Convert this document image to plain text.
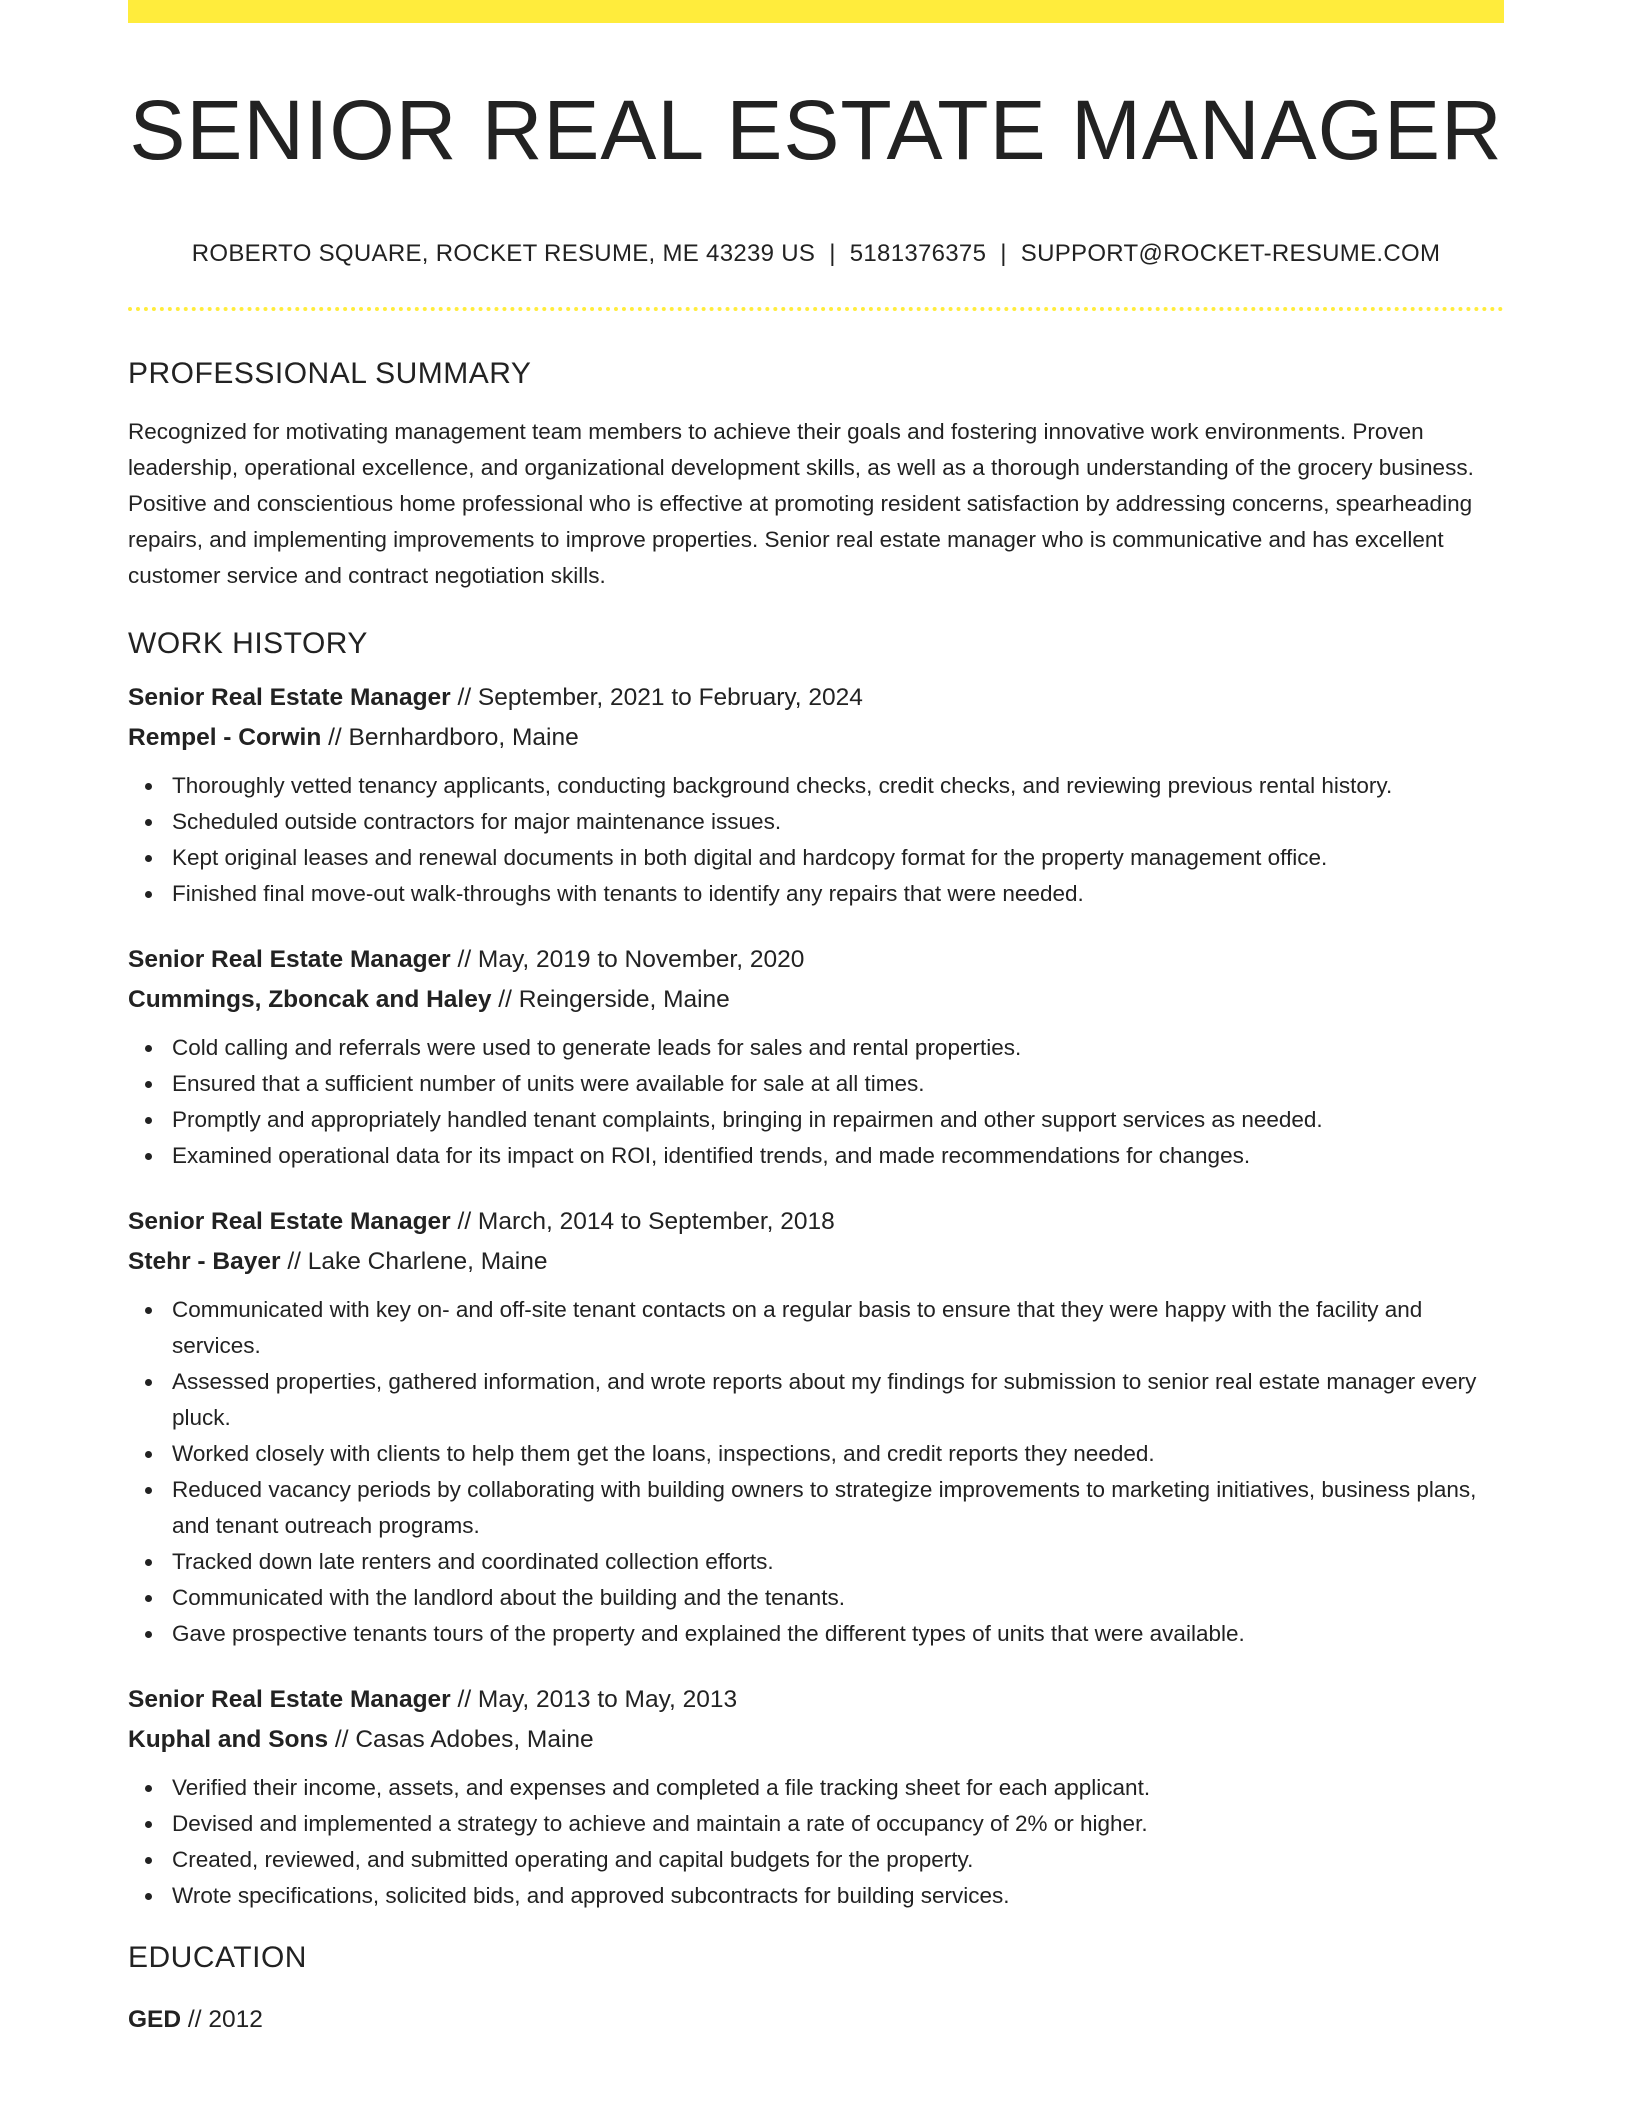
SENIOR REAL ESTATE MANAGER
ROBERTO SQUARE, ROCKET RESUME, ME 43239 US | 5181376375 | SUPPORT@ROCKET-RESUME.COM
PROFESSIONAL SUMMARY

Recognized for motivating management team members to achieve their goals and fostering innovative work environments. Proven leadership, operational excellence, and organizational development skills, as well as a thorough understanding of the grocery business. Positive and conscientious home professional who is effective at promoting resident satisfaction by addressing concerns, spearheading repairs, and implementing improvements to improve properties. Senior real estate manager who is communicative and has excellent customer service and contract negotiation skills.

WORK HISTORY
Senior Real Estate Manager // September, 2021 to February, 2024
Rempel - Corwin // Bernhardboro, Maine
Thoroughly vetted tenancy applicants, conducting background checks, credit checks, and reviewing previous rental history.
Scheduled outside contractors for major maintenance issues.
Kept original leases and renewal documents in both digital and hardcopy format for the property management office.
Finished final move-out walk-throughs with tenants to identify any repairs that were needed.
Senior Real Estate Manager // May, 2019 to November, 2020
Cummings, Zboncak and Haley // Reingerside, Maine
Cold calling and referrals were used to generate leads for sales and rental properties.
Ensured that a sufficient number of units were available for sale at all times.
Promptly and appropriately handled tenant complaints, bringing in repairmen and other support services as needed.
Examined operational data for its impact on ROI, identified trends, and made recommendations for changes.
Senior Real Estate Manager // March, 2014 to September, 2018
Stehr - Bayer // Lake Charlene, Maine
Communicated with key on- and off-site tenant contacts on a regular basis to ensure that they were happy with the facility and services.
Assessed properties, gathered information, and wrote reports about my findings for submission to senior real estate manager every pluck.
Worked closely with clients to help them get the loans, inspections, and credit reports they needed.
Reduced vacancy periods by collaborating with building owners to strategize improvements to marketing initiatives, business plans, and tenant outreach programs.
Tracked down late renters and coordinated collection efforts.
Communicated with the landlord about the building and the tenants.
Gave prospective tenants tours of the property and explained the different types of units that were available.
Senior Real Estate Manager // May, 2013 to May, 2013
Kuphal and Sons // Casas Adobes, Maine
Verified their income, assets, and expenses and completed a file tracking sheet for each applicant.
Devised and implemented a strategy to achieve and maintain a rate of occupancy of 2% or higher.
Created, reviewed, and submitted operating and capital budgets for the property.
Wrote specifications, solicited bids, and approved subcontracts for building services.
EDUCATION
GED // 2012
